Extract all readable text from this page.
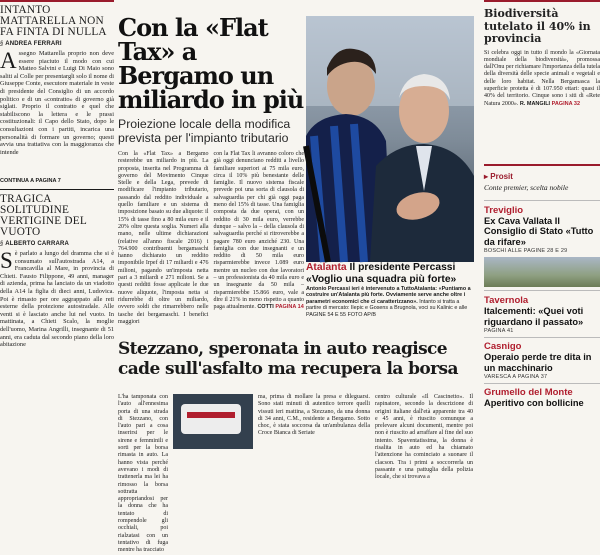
INTANTO MATTARELLA NON FA FINTA DI NULLA
§ ANDREA FERRARI
Assegno Mattarella proprio non deve essere piaciuto il modo con cui Matteo Salvini e Luigi Di Maio sono saliti al Colle per presentargli solo il nome di Giuseppe Conte, esecutore materiale in veste di presidente del Consiglio di un accordo politico e di un «contratto» di governo già siglati. Proprio il contratto e quel che stabiliscono la lettera e le prassi costituzionali: il Capo dello Stato, dopo le consultazioni con i partiti, incarica una personalità di formare un governo; questi avvia una trattativa con la maggioranza che intende
CONTINUA A PAGINA 7
TRAGICA SOLITUDINE VERTIGINE DEL VUOTO
§ ALBERTO CARRARA
Sè parlato a lungo del dramma che si è consumato sull'autostrada A14, a Francavilla al Mare, in provincia di Chieti. Fausto Filippone, 49 anni, manager di azienda, prima ha lanciato da un viadotto della A14 la figlia di dieci anni, Ludovica. Poi è rimasto per ore aggrappato alle reti esterne della protezione autostradale. Alle venti si è lasciato anche lui nel vuoto. In mattinata, a Chieti Scalo, la moglie dell'uomo, Marina Angrilli, insegnante di 51 anni, era caduta dal secondo piano della loro abitazione
Con la «Flat Tax» a Bergamo un miliardo in più
Proiezione locale della modifica prevista per l'impianto tributario
Con la «Flat Tax» a Bergamo resterebbe un miliardo in più. La proposta, inserita nel Programma di governo del Movimento Cinque Stelle e della Lega, prevede di modificare l'impianto tributario, passando dal reddito individuale a quello familiare e un sistema di imposizione basato su due aliquote: il 15% di tasse fino a 80 mila euro e il 20% oltre questa soglia. Numeri alla mano, nelle ultime dichiarazioni (relative all'anno fiscale 2016) i 764.900 contribuenti bergamaschi hanno dichiarato un reddito imponibile Irpef di 17 miliardi e 476 milioni, pagando un'imposta netta pari a 3 miliardi e 271 milioni. Se a questi redditi fosse applicate le due nuove aliquote, l'imposta netta si ridurrebbe di oltre un miliardo, ovvero soldi che rimarrebbero nelle tasche dei bergamaschi. I benefici maggiori
con la Flat Tax li avranno coloro che già oggi denunciano redditi a livello familiare superiori ai 75 mila euro, circa il 10% più benestante delle famiglie. Il nuovo sistema fiscale prevede poi una sorta di clausola di salvaguardia per chi già oggi paga meno del 15% di tasse. Una famiglia composta da due operai, con un reddito di 30 mila euro, verrebbe dunque – salvo la – della clausola di salvaguardia perché si ritroverebbe a pagare 780 euro anziché 230. Una famiglia con due insegnanti e un reddito di 50 mila euro risparmierebbe invece 1.089 euro mentre un nucleo con due lavoratori – un professionista da 40 mila euro e un insegnante da 50 mila – risparmierebbe 15.866 euro, vale a dire il 21% in meno rispetto a quanto paga attualmente. COTTI PAGINA 14
Atalanta Il presidente Percassi «Voglio una squadra più forte»
Antonio Percassi ieri è intervenuto a TuttoAtalanta: «Puntiamo a costruire un'Atalanta più forte. Ovviamente serve anche oltre i parametri economici che ci caratterizzano». Intanto si tratta a partire di mercato: Ilepic e Gosens a Brugnola, voci su Kalinic e alle PAGINE 54 E 55 FOTO AP/B
Stezzano, speronata in auto reagisce cade sull'asfalto ma recupera la borsa
L'ha tamponata con l'auto all'ennesima porta di una strada di Stezzano, con l'auto pari a cosa inserirsi per le sirene e femminili e sorti per la borsa rimasta in auto. La hanno vista perché avevano i modi di trattenerla ma lei ha rimosso la borsa sottratta appropriandosi per la donna che ha tentato di rompendole gli occhiali, poi rialzatasi con un tentativo di fuga mentre ha tracciato
ma, prima di mollare la presa e dileguarsi. Sono stati minuti di autentico terrore quelli vissuti ieri mattina, a Stezzano, da una donna di 34 anni, C.M., residente a Bergamo. Sotto choc, è stata soccorsa da un'ambulanza della Croce Bianca di Seriate
centro culturale «Il Cascinetto». Il rapinatore, secondo la descrizione di origini italiane dall'età apparente tra 40 e 45 anni, è riuscito comunque a prelevare alcuni documenti, mentre poi non è riuscito ad arraffare al fine del suo intento. Spaventatissima, la donna è risalita in auto ed ha chiamato l'attenzione ha cominciato a suonare il clacson. Tra i primi a soccorrerla un passante e una pattuglia della polizia locale, che si trovava a
Biodiversità tutelato il 40% in provincia
Si celebra oggi in tutto il mondo la «Giornata mondiale della biodiversità», promossa dall'Onu per richiamare l'importanza della tutela della diversità delle specie animali e vegetali e delle loro habitat. Nella Bergamasca la superficie protetta è di 107.950 ettari: quasi il 40% del territorio. Cinque sono i siti di «Rete Natura 2000». R. MANGILI PAGINA 32
▸ Prosit
Conte premier, scelta nobile
Treviglio
Ex Cava Vallata Il Consiglio di Stato «Tutto da rifare»
BOSCHI ALLE PAGINE 28 E 29
Tavernola
Italcementi: «Quei voti riguardano il passato»
PAGINA 41
Casnigo
Operaio perde tre dita in un macchinario
VARESCA A PAGINA 37
Grumello del Monte
Aperitivo con bollicine
